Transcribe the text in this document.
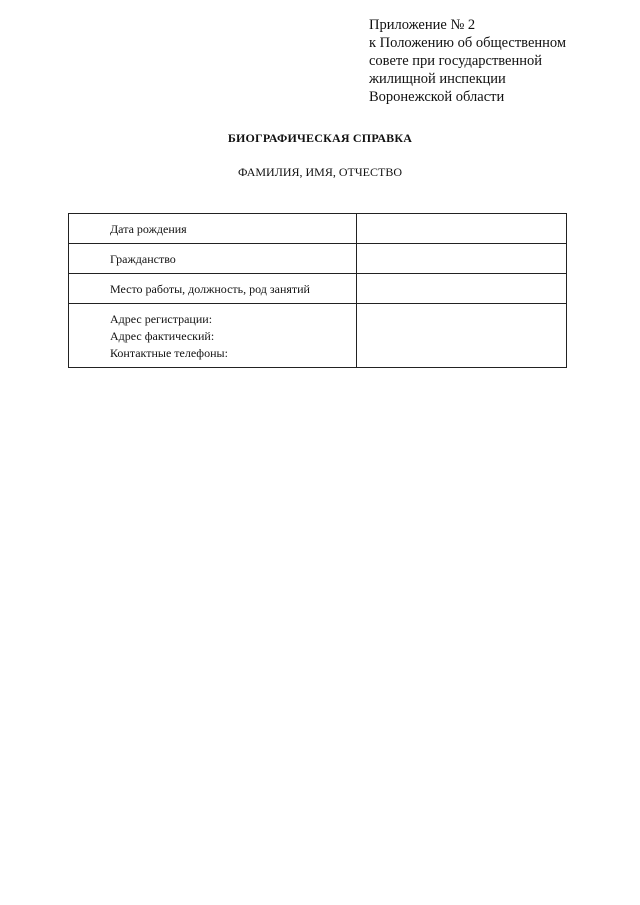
Приложение № 2
к Положению об общественном
совете при государственной
жилищной инспекции
Воронежской области
БИОГРАФИЧЕСКАЯ СПРАВКА
ФАМИЛИЯ, ИМЯ, ОТЧЕСТВО
Дата рождения	
Гражданство	
Место работы, должность, род занятий	

Адрес регистрации:
Адрес фактический:
Контактные телефоны:	
